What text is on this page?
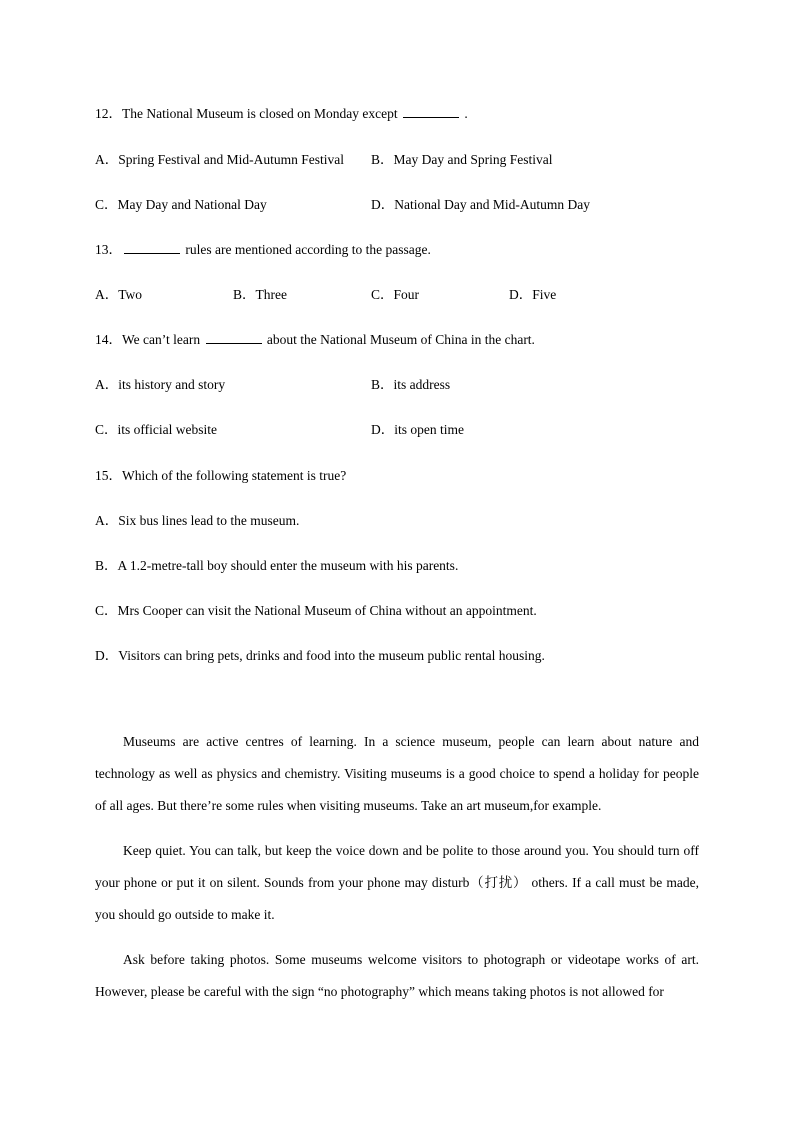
12．The National Museum is closed on Monday except	.
A．Spring Festival and Mid-Autumn Festival B．May Day and Spring Festival
C．May Day and National Day	D．National Day and Mid-Autumn Day
13．	rules are mentioned according to the passage.
A．Two	B．Three	C．Four	D．Five
14．We can’t learn	about the National Museum of China in the chart.
A．its history and story	B．its address
C．its official website	D．its open time
15．Which of the following statement is true?
A．Six bus lines lead to the museum.
B．A 1.2-metre-tall boy should enter the museum with his parents.
C．Mrs Cooper can visit the National Museum of China without an appointment.
D．Visitors can bring pets, drinks and food into the museum public rental housing.

Museums are active centres of learning. In a science museum, people can learn about nature and technology as well as physics and chemistry. Visiting museums is a good choice to spend a holiday for people of all ages. But there’re some rules when visiting museums. Take an art museum,for example.

Keep quiet. You can talk, but keep the voice down and be polite to those around you. You should turn off your phone or put it on silent. Sounds from your phone may disturb（打扰） others. If a call must be made, you should go outside to make it.

Ask before taking photos. Some museums welcome visitors to photograph or videotape works of art. However, please be careful with the sign “no photography” which means taking photos is not allowed for
